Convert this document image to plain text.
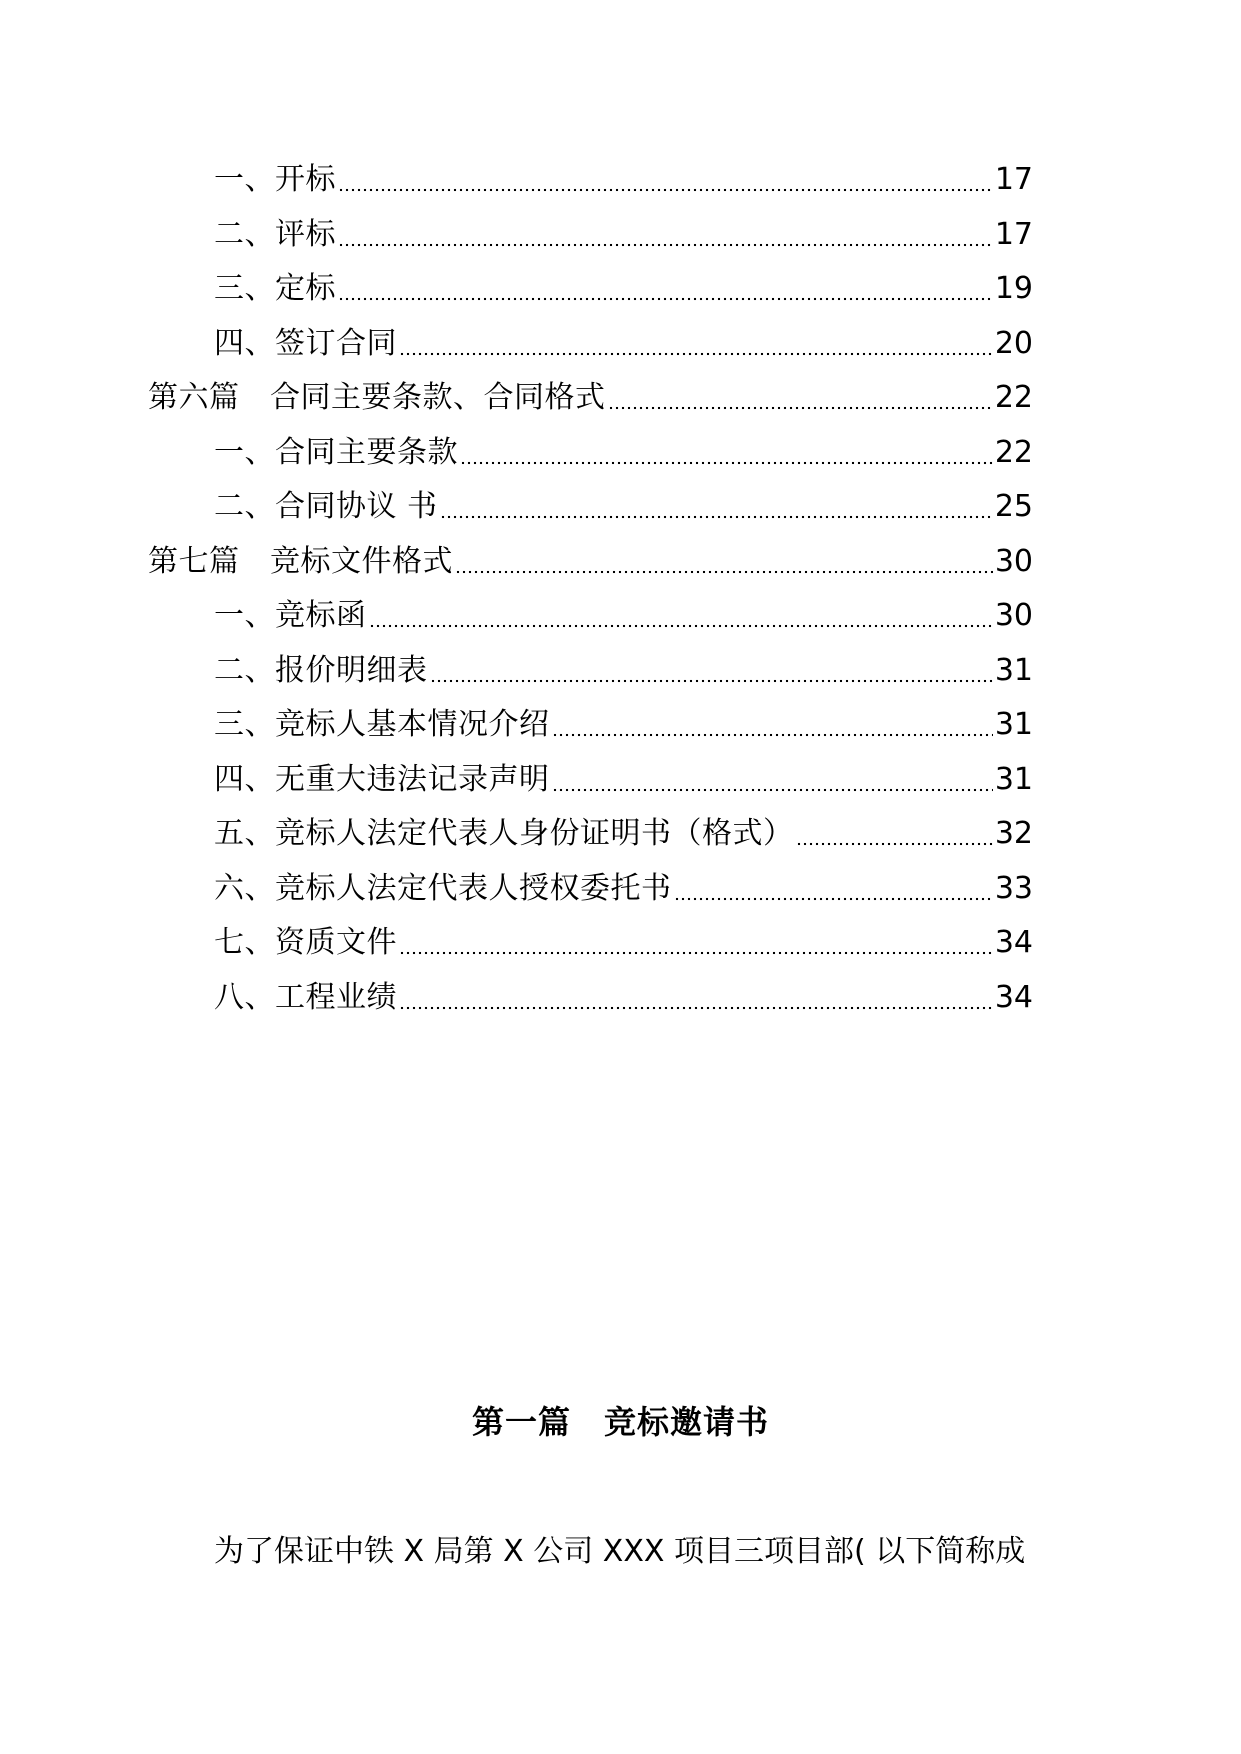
一、开标	17
二、评标	17
三、定标	19
四、签订合同	20
第六篇　合同主要条款、合同格式	22
一、合同主要条款	22
二、合同协议 书	25
第七篇　竞标文件格式	30
一、竞标函	30
二、报价明细表	31
三、竞标人基本情况介绍	31
四、无重大违法记录声明	31
五、竞标人法定代表人身份证明书（格式）	32
六、竞标人法定代表人授权委托书	33
七、资质文件	34
八、工程业绩	34
第一篇　竞标邀请书
为了保证中铁 X 局第 X 公司 XXX 项目三项目部( 以下简称成
